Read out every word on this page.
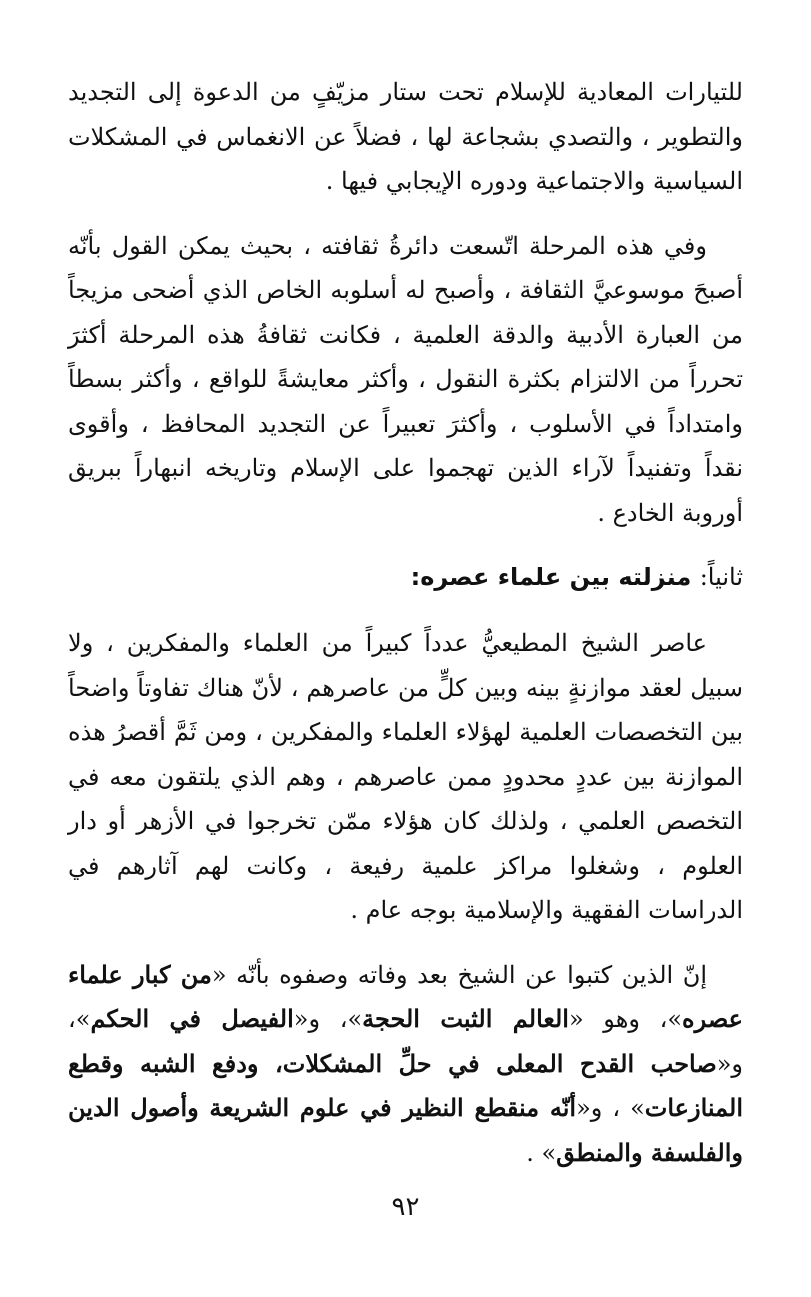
للتيارات المعادية للإسلام تحت ستار مزيّفٍ من الدعوة إلى التجديد والتطوير ، والتصدي بشجاعة لها ، فضلاً عن الانغماس في المشكلات السياسية والاجتماعية ودوره الإيجابي فيها .

وفي هذه المرحلة اتّسعت دائرةُ ثقافته ، بحيث يمكن القول بأنّه أصبحَ موسوعيَّ الثقافة ، وأصبح له أسلوبه الخاص الذي أضحى مزيجاً من العبارة الأدبية والدقة العلمية ، فكانت ثقافةُ هذه المرحلة أكثرَ تحرراً من الالتزام بكثرة النقول ، وأكثر معايشةً للواقع ، وأكثر بسطاً وامتداداً في الأسلوب ، وأكثرَ تعبيراً عن التجديد المحافظ ، وأقوى نقداً وتفنيداً لآراء الذين تهجموا على الإسلام وتاريخه انبهاراً ببريق أوروبة الخادع .

ثانياً: منزلته بين علماء عصره:

عاصر الشيخ المطيعيُّ عدداً كبيراً من العلماء والمفكرين ، ولا سبيل لعقد موازنةٍ بينه وبين كلٍّ من عاصرهم ، لأنّ هناك تفاوتاً واضحاً بين التخصصات العلمية لهؤلاء العلماء والمفكرين ، ومن ثَمَّ أقصرُ هذه الموازنة بين عددٍ محدودٍ ممن عاصرهم ، وهم الذي يلتقون معه في التخصص العلمي ، ولذلك كان هؤلاء ممّن تخرجوا في الأزهر أو دار العلوم ، وشغلوا مراكز علمية رفيعة ، وكانت لهم آثارهم في الدراسات الفقهية والإسلامية بوجه عام .

إنّ الذين كتبوا عن الشيخ بعد وفاته وصفوه بأنّه «من كبار علماء عصره»، وهو «العالم الثبت الحجة»، و«الفيصل في الحكم»، و«صاحب القدح المعلى في حلِّ المشكلات، ودفع الشبه وقطع المنازعات» ، و«أنّه منقطع النظير في علوم الشريعة وأصول الدين والفلسفة والمنطق» .

٩٢
